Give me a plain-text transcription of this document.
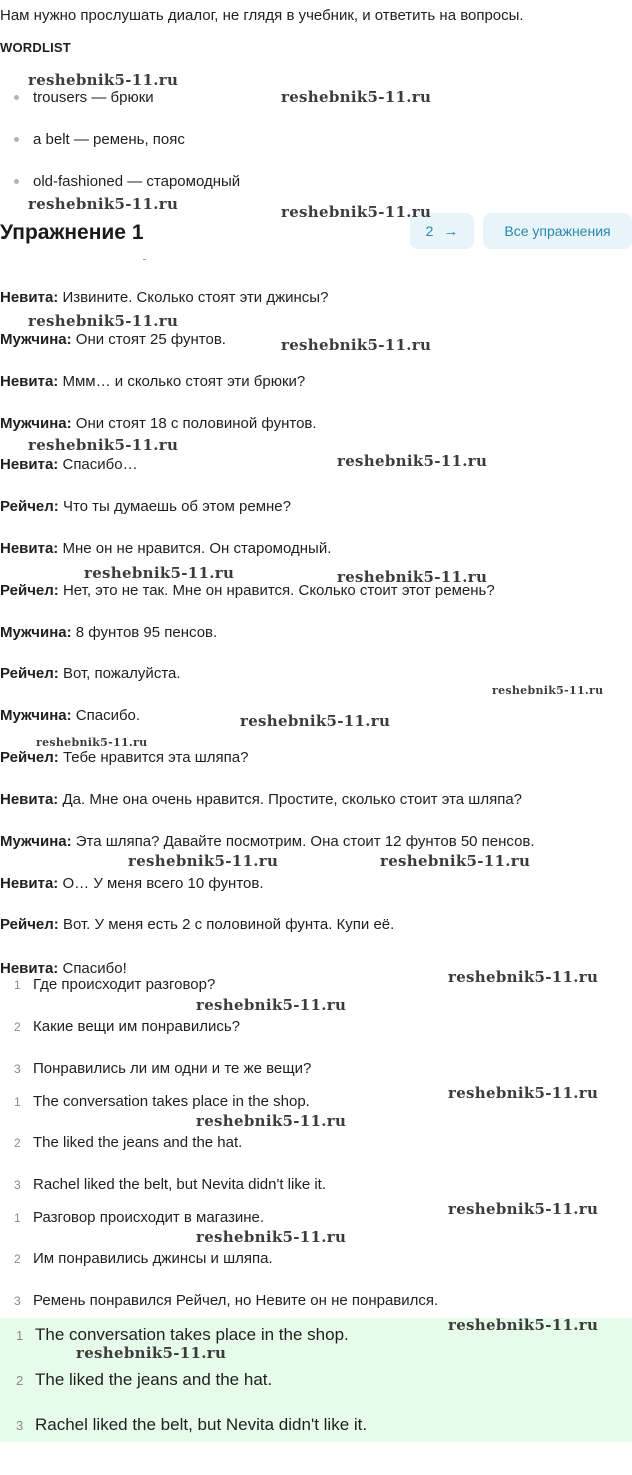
Нам нужно прослушать диалог, не глядя в учебник, и ответить на вопросы.
WORDLIST
trousers — брюки
a belt — ремень, пояс
old-fashioned — старомодный
Упражнение 1	2 →	Все упражнения
Невита: Извините. Сколько стоят эти джинсы?
Мужчина: Они стоят 25 фунтов.
Невита: Ммм… и сколько стоят эти брюки?
Мужчина: Они стоят 18 с половиной фунтов.
Невита: Спасибо…
Рейчел: Что ты думаешь об этом ремне?
Невита: Мне он не нравится. Он старомодный.
Рейчел: Нет, это не так. Мне он нравится. Сколько стоит этот ремень?
Мужчина: 8 фунтов 95 пенсов.
Рейчел: Вот, пожалуйста.
Мужчина: Спасибо.
Рейчел: Тебе нравится эта шляпа?
Невита: Да. Мне она очень нравится. Простите, сколько стоит эта шляпа?
Мужчина: Эта шляпа? Давайте посмотрим. Она стоит 12 фунтов 50 пенсов.
Невита: О… У меня всего 10 фунтов.
Рейчел: Вот. У меня есть 2 с половиной фунта. Купи её.
Невита: Спасибо!
1 Где происходит разговор?
2 Какие вещи им понравились?
3 Понравились ли им одни и те же вещи?
1 The conversation takes place in the shop.
2 The liked the jeans and the hat.
3 Rachel liked the belt, but Nevita didn't like it.
1 Разговор происходит в магазине.
2 Им понравились джинсы и шляпа.
3 Ремень понравился Рейчел, но Невите он не понравился.
1 The conversation takes place in the shop.
2 The liked the jeans and the hat.
3 Rachel liked the belt, but Nevita didn't like it.
reshebnik5-11.ru
reshebnik5-11.ru
reshebnik5-11.ru	reshebnik5-11.ru
reshebnik5-11.ru
reshebnik5-11.ru
reshebnik5-11.ru
reshebnik5-11.ru
reshebnik5-11.ru	reshebnik5-11.ru
reshebnik5-11.ru
reshebnik5-11.ru
reshebnik5-11.ru
reshebnik5-11.ru	reshebnik5-11.ru
reshebnik5-11.ru
reshebnik5-11.ru
reshebnik5-11.ru
reshebnik5-11.ru
reshebnik5-11.ru
reshebnik5-11.ru
reshebnik5-11.ru
reshebnik5-11.ru
